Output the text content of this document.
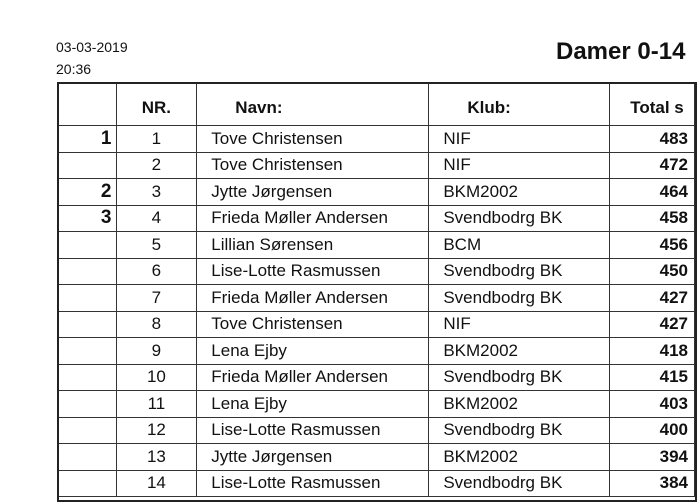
03-03-2019
20:36
Damer 0-14
	NR.	Navn:	Klub:	Total s
1	1	Tove Christensen	NIF	483
	2	Tove Christensen	NIF	472
2	3	Jytte Jørgensen	BKM2002	464
3	4	Frieda Møller Andersen	Svendbodrg BK	458
	5	Lillian Sørensen	BCM	456
	6	Lise-Lotte Rasmussen	Svendbodrg BK	450
	7	Frieda Møller Andersen	Svendbodrg BK	427
	8	Tove Christensen	NIF	427
	9	Lena Ejby	BKM2002	418
	10	Frieda Møller Andersen	Svendbodrg BK	415
	11	Lena Ejby	BKM2002	403
	12	Lise-Lotte Rasmussen	Svendbodrg BK	400
	13	Jytte Jørgensen	BKM2002	394
	14	Lise-Lotte Rasmussen	Svendbodrg BK	384
